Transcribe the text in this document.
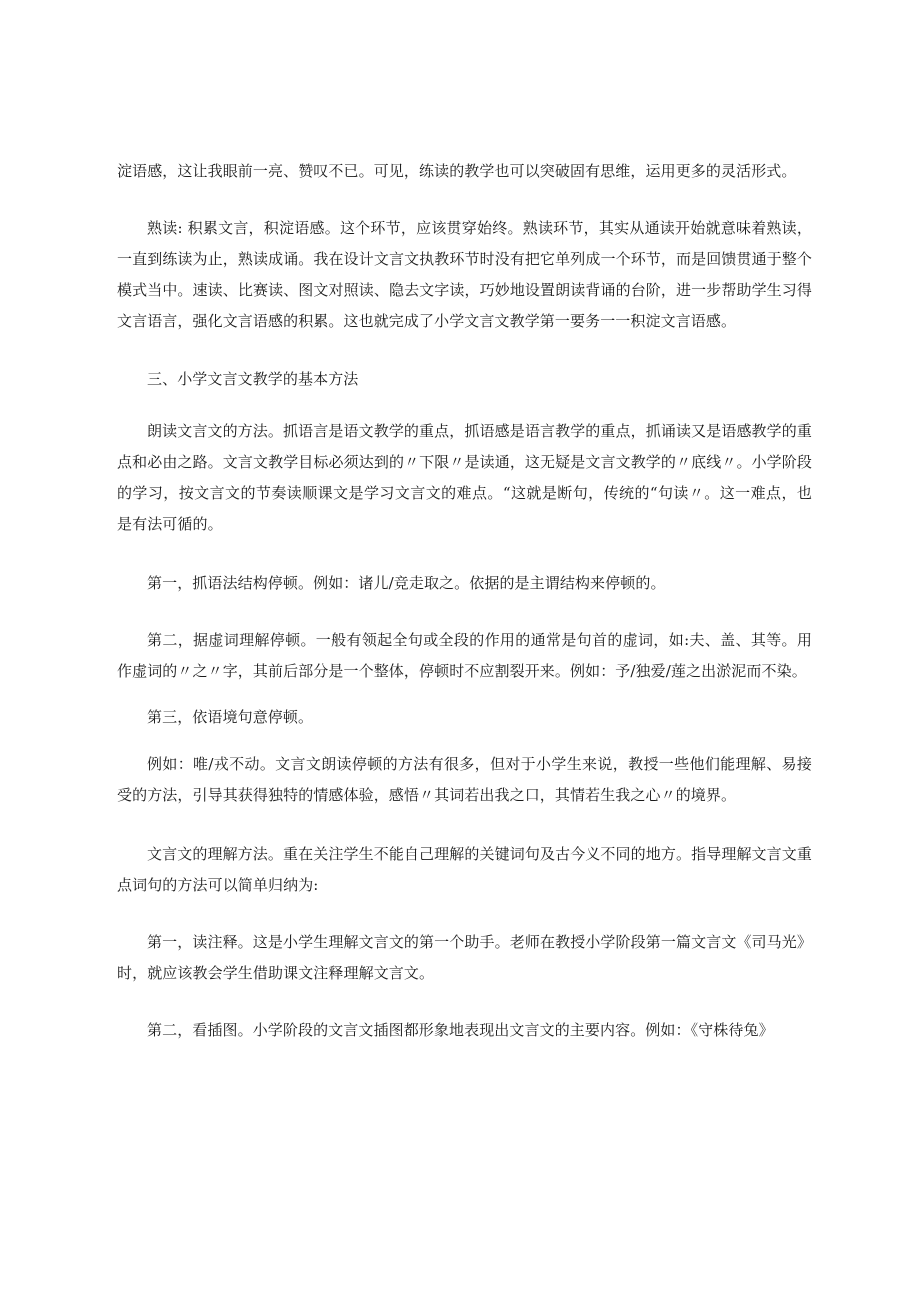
淀语感，这让我眼前一亮、赞叹不已。可见，练读的教学也可以突破固有思维，运用更多的灵活形式。

熟读: 积累文言，积淀语感。这个环节，应该贯穿始终。熟读环节，其实从通读开始就意味着熟读，一直到练读为止，熟读成诵。我在设计文言文执教环节时没有把它单列成一个环节，而是回馈贯通于整个模式当中。速读、比赛读、图文对照读、隐去文字读，巧妙地设置朗读背诵的台阶，进一步帮助学生习得文言语言，强化文言语感的积累。这也就完成了小学文言文教学第一要务一一积淀文言语感。

三、小学文言文教学的基本方法

朗读文言文的方法。抓语言是语文教学的重点，抓语感是语言教学的重点，抓诵读又是语感教学的重点和必由之路。文言文教学目标必须达到的〃下限〃是读通，这无疑是文言文教学的〃底线〃。小学阶段的学习，按文言文的节奏读顺课文是学习文言文的难点。“这就是断句，传统的“句读〃。这一难点，也是有法可循的。

第一，抓语法结构停顿。例如：诸儿/竞走取之。依据的是主谓结构来停顿的。

第二，据虚词理解停顿。一般有领起全句或全段的作用的通常是句首的虚词，如:夫、盖、其等。用作虚词的〃之〃字，其前后部分是一个整体，停顿时不应割裂开来。例如：予/独爱/莲之出淤泥而不染。

第三，依语境句意停顿。

例如：唯/戎不动。文言文朗读停顿的方法有很多，但对于小学生来说，教授一些他们能理解、易接受的方法，引导其获得独特的情感体验，感悟〃其词若出我之口，其情若生我之心〃的境界。

文言文的理解方法。重在关注学生不能自己理解的关键词句及古今义不同的地方。指导理解文言文重点词句的方法可以简单归纳为:

第一，读注释。这是小学生理解文言文的第一个助手。老师在教授小学阶段第一篇文言文《司马光》时，就应该教会学生借助课文注释理解文言文。

第二，看插图。小学阶段的文言文插图都形象地表现出文言文的主要内容。例如：《守株待兔》
